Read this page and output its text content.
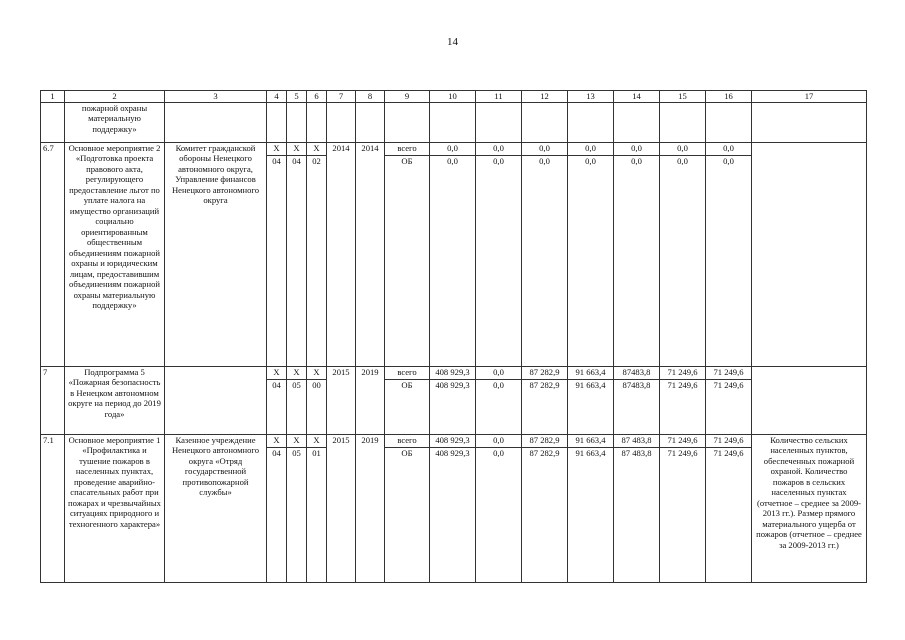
14
1	2	3	4	5	6	7	8	9	10	11	12	13	14	15	16	17
	пожарной охраны материальную поддержку»															
6.7	Основное мероприятие 2 «Подготовка проекта правового акта, регулирующего предоставление льгот по уплате налога на имущество организаций социально ориентированным общественным объединениям пожарной охраны и юридическим лицам, предоставившим объединениям пожарной охраны материальную поддержку»	Комитет гражданской обороны Ненецкого автономного округа, Управление финансов Ненецкого автономного округа	Х	Х	Х	2014	2014	всего	0,0	0,0	0,0	0,0	0,0	0,0	0,0	
			04	04	02			ОБ	0,0	0,0	0,0	0,0	0,0	0,0	0,0	
7	Подпрограмма 5 «Пожарная безопасность в Ненецком автономном округе на период до 2019 года»		Х	Х	Х	2015	2019	всего	408 929,3	0,0	87 282,9	91 663,4	87483,8	71 249,6	71 249,6	
			04	05	00			ОБ	408 929,3	0,0	87 282,9	91 663,4	87483,8	71 249,6	71 249,6	
7.1	Основное мероприятие 1 «Профилактика и тушение пожаров в населенных пунктах, проведение аварийно-спасательных работ при пожарах и чрезвычайных ситуациях природного и техногенного характера»	Казенное учреждение Ненецкого автономного округа «Отряд государственной противопожарной службы»	Х	Х	Х	2015	2019	всего	408 929,3	0,0	87 282,9	91 663,4	87 483,8	71 249,6	71 249,6	Количество сельских населенных пунктов, обеспеченных пожарной охраной. Количество пожаров в сельских населенных пунктах (отчетное – среднее за 2009-2013 гг.). Размер прямого материального ущерба от пожаров (отчетное – среднее за 2009-2013 гг.)
			04	05	01			ОБ	408 929,3	0,0	87 282,9	91 663,4	87 483,8	71 249,6	71 249,6	
